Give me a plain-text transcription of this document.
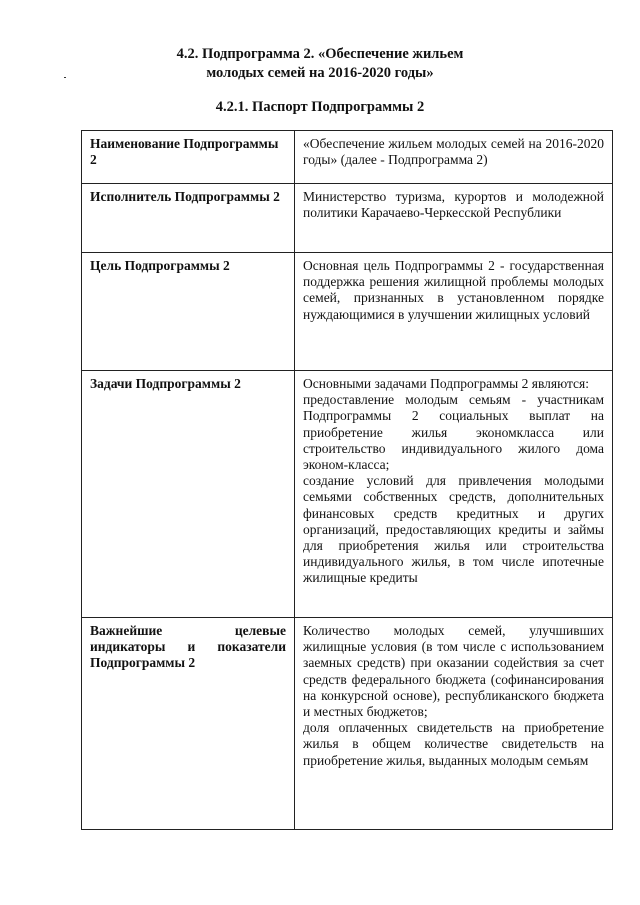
4.2. Подпрограмма 2. «Обеспечение жильем
молодых семей на 2016-2020 годы»
4.2.1. Паспорт Подпрограммы 2
Наименование Подпрограммы 2	«Обеспечение жильем молодых семей на 2016-2020 годы» (далее - Подпрограмма 2)

Исполнитель Подпрограммы 2	Министерство туризма, курортов и молодежной политики Карачаево-Черкесской Республики

Цель Подпрограммы 2	Основная цель Подпрограммы 2 - государственная поддержка решения жилищной проблемы молодых семей, признанных в установленном порядке нуждающимися в улучшении жилищных условий

Задачи Подпрограммы 2	Основными задачами Подпрограммы 2 являются:

предоставление молодым семьям - участникам Подпрограммы 2 социальных выплат на приобретение жилья экономкласса или строительство индивидуального жилого дома эконом-класса;

создание условий для привлечения молодыми семьями собственных средств, дополнительных финансовых средств кредитных и других организаций, предоставляющих кредиты и займы для приобретения жилья или строительства индивидуального жилья, в том числе ипотечные жилищные кредиты

Важнейшие целевые индикаторы и показатели Подпрограммы 2	Количество молодых семей, улучшивших жилищные условия (в том числе с использованием заемных средств) при оказании содействия за счет средств федерального бюджета (софинансирования на конкурсной основе), республиканского бюджета и местных бюджетов;

доля оплаченных свидетельств на приобретение жилья в общем количестве свидетельств на приобретение жилья, выданных молодым семьям
